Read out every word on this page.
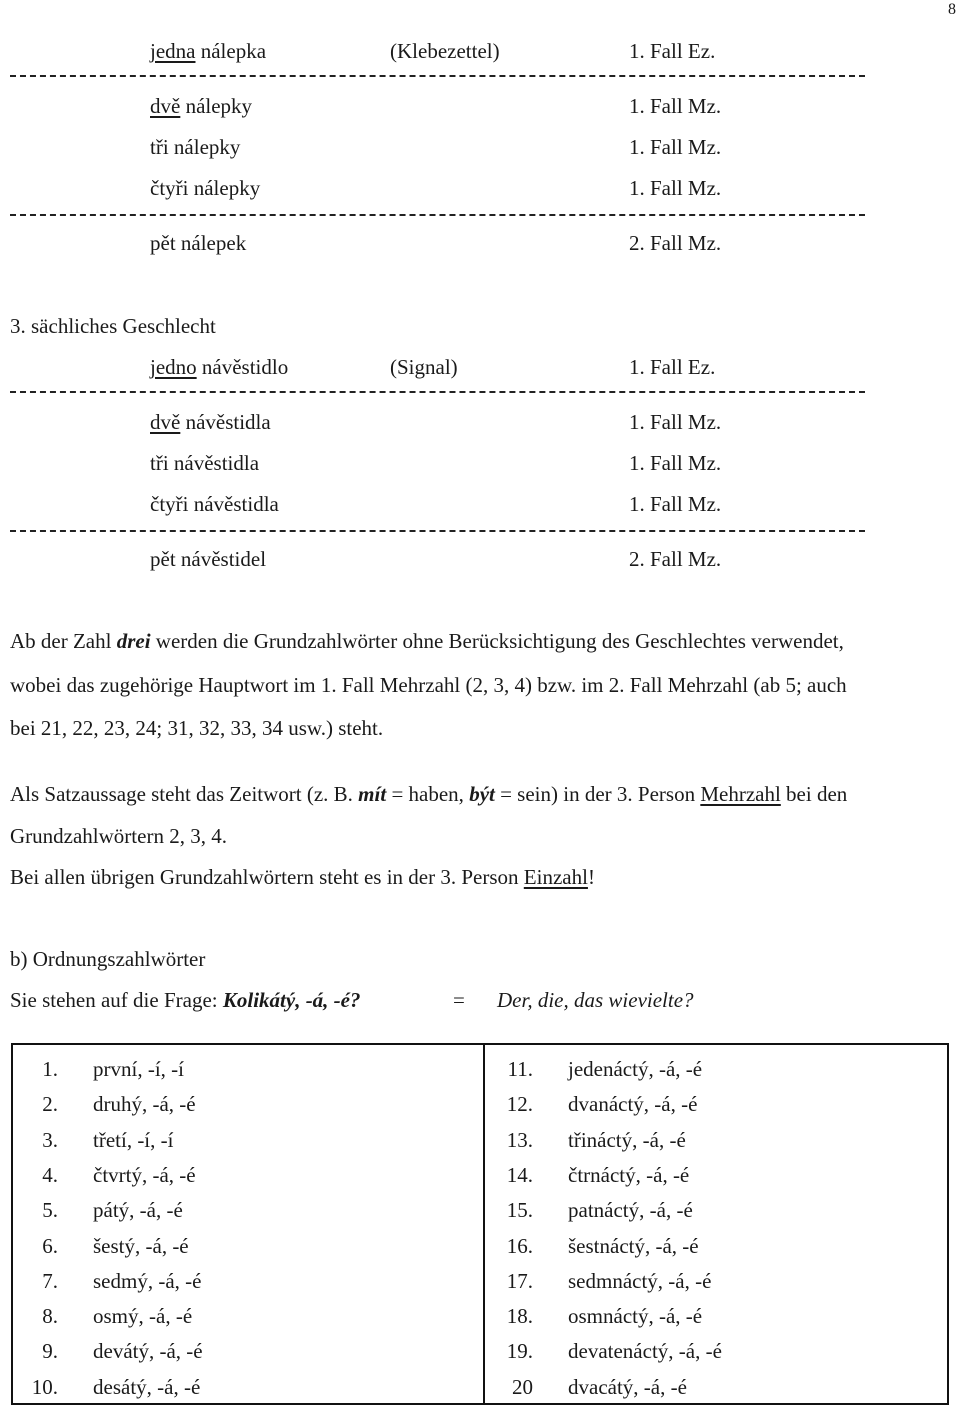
8
jedna nálepka	(Klebezettel)	1. Fall Ez.
dvě nálepky	1. Fall Mz.
tři nálepky	1. Fall Mz.
čtyři nálepky	1. Fall Mz.
pět nálepek	2. Fall Mz.
3. sächliches Geschlecht
jedno návěstidlo	(Signal)	1. Fall Ez.
dvě návěstidla	1. Fall Mz.
tři návěstidla	1. Fall Mz.
čtyři návěstidla	1. Fall Mz.
pět návěstidel	2. Fall Mz.
Ab der Zahl drei werden die Grundzahlwörter ohne Berücksichtigung des Geschlechtes verwendet,
wobei das zugehörige Hauptwort im 1. Fall Mehrzahl (2, 3, 4) bzw. im 2. Fall Mehrzahl (ab 5; auch
bei 21, 22, 23, 24; 31, 32, 33, 34 usw.) steht.
Als Satzaussage steht das Zeitwort (z. B. mít = haben, být = sein) in der 3. Person Mehrzahl bei den
Grundzahlwörtern 2, 3, 4.
Bei allen übrigen Grundzahlwörtern steht es in der 3. Person Einzahl!
b) Ordnungszahlwörter
Sie stehen auf die Frage: Kolikátý, -á, -é?	= Der, die, das wievielte?
1. první, -í, -í
2. druhý, -á, -é
3. třetí, -í, -í
4. čtvrtý, -á, -é
5. pátý, -á, -é
6. šestý, -á, -é
7. sedmý, -á, -é
8. osmý, -á, -é
9. devátý, -á, -é
10. desátý, -á, -é
11. jedenáctý, -á, -é
12. dvanáctý, -á, -é
13. třináctý, -á, -é
14. čtrnáctý, -á, -é
15. patnáctý, -á, -é
16. šestnáctý, -á, -é
17. sedmnáctý, -á, -é
18. osmnáctý, -á, -é
19. devatenáctý, -á, -é
20 dvacátý, -á, -é
